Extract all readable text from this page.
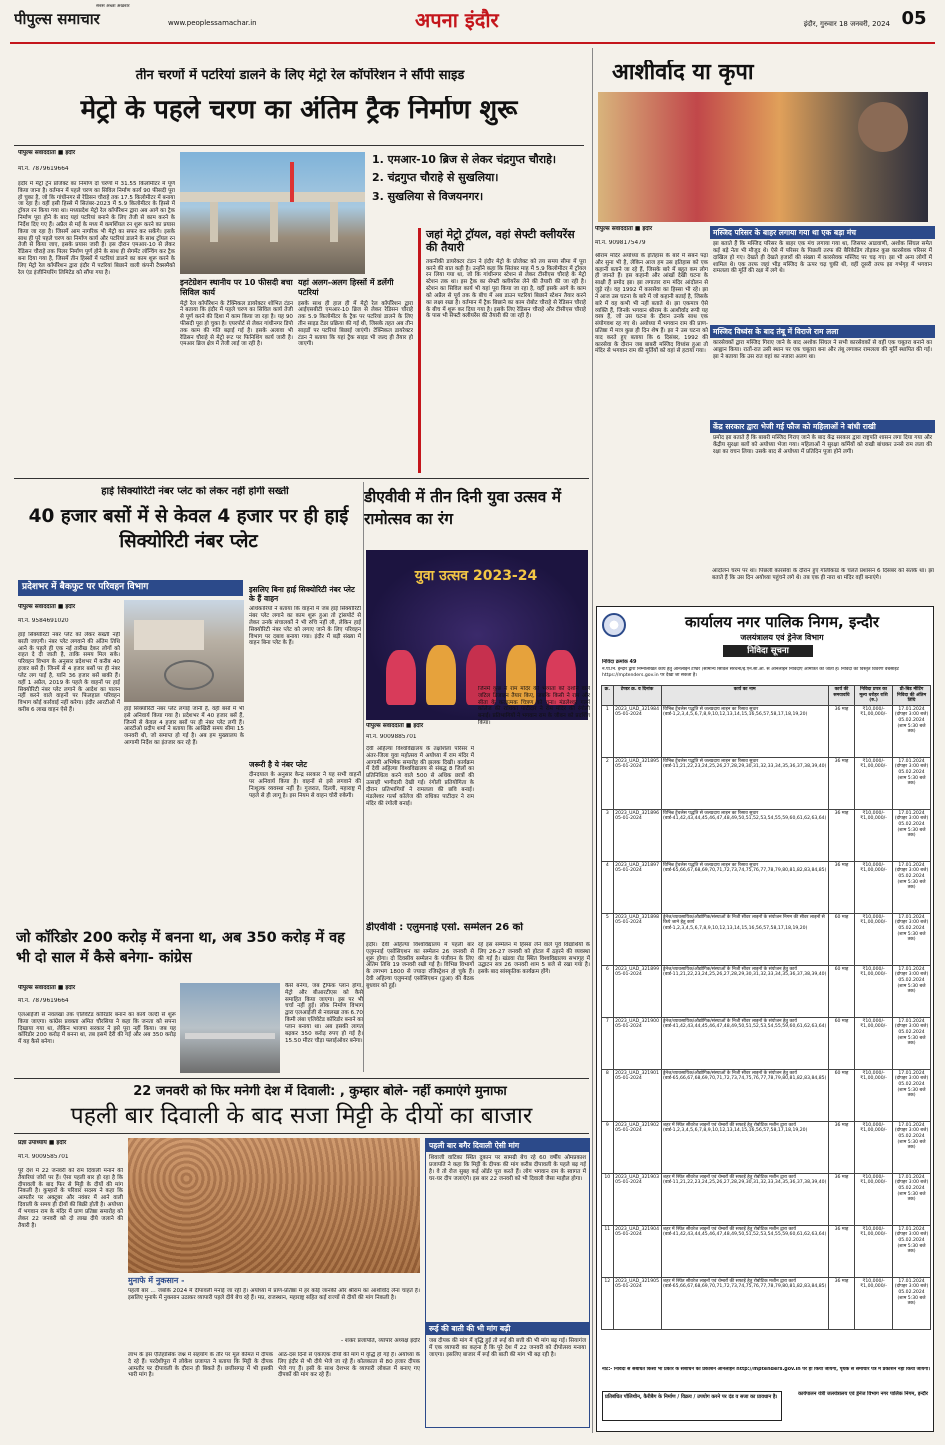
पीपुल्स समाचार
सबसे अच्छा अखबार
www.peoplessamachar.in	अपना इंदौर	इंदौर, गुरुवार 18 जनवरी, 2024 05
तीन चरणों में पटरियां डालने के लिए मेट्रो रेल कॉर्पोरेशन ने सौंपी साइड
मेट्रो के पहले चरण का अंतिम ट्रैक निर्माण शुरू
पीपुल्स संवाददाता ■ इंदौर
मो.नं. 7879619664
1. एमआर-10 ब्रिज से लेकर चंद्रगुप्त चौराहे।
2. चंद्रगुप्त चौराहे से सुखलिया।
3. सुखलिया से विजयनगर।
इंदौर में मेट्रो ट्रेन प्रोजेक्ट का निर्माण दो चरणों में 31.55 किलोमीटर में पूर्ण किया जाना है। वर्तमान में पहले चरण का सिविल निर्माण कार्य 90 फीसदी पूरा हो चुका है, जो कि गांधीनगर से रेडिसन चौराहे तक 17.5 किलोमीटर में बनाया जा रहा है। वहीं इसी हिस्से में सितंबर-2023 में 5.9 किलोमीटर के हिस्से में ट्रॉयल रन किया गया था। मध्यप्रदेश मेट्रो रेल कॉर्पोरेशन द्वारा अब आगे का ट्रैक निर्माण पूरा होने के बाद यहां पटरियां बनाने के लिए तेजी से काम करने के निर्देश दिए गए हैं। अप्रैल से मई के मध्य में कमर्शियल रन शुरू करने का प्रयास किया जा रहा है। जिसमें आम नागरिक भी मेट्रो का सफर कर सकेंगे। इसके साथ ही पूरे पहले चरण का निर्माण कार्य और पटरियां डालने के साथ ट्रॉयल रन तेजी से किया जाए, इसके प्रयास जारी हैं। इस दौरान एमआर-10 से लेकर रेडिसन चौराहे तक पिलर निर्माण पूर्ण होने के साथ ही सेगमेंट लॉन्चिंग कर ट्रैक बना दिया गया है, जिसमें तीन हिस्सों में पटरियां डालने का काम शुरू करने के लिए मेट्रो रेल कॉर्पोरेशन द्वारा इंदौर में पटरियां बिछाने वाली कंपनी टैक्समैको रेल एंड इंजीनियरिंग लिमिटेड को सौंपा गया है।
इनटेग्रेशन स्थानीय पर 10 फीसदी बचा सिविल कार्य
मेट्रो रेल कॉर्पोरेशन के टेक्निकल डायरेक्टर शोभित टंडन ने बताया कि इंदौर में पहले चरण का सिविल कार्य तेजी से पूर्ण करने की दिशा में काम किया जा रहा है। यह 90 फीसदी पूरा हो चुका है। एयरपोर्ट से लेकर गांधीनगर डिपो तक काम की गति बढ़ाई गई है। इसके अलावा भी रेडिसन चौराहे से मेट्रो रूट पर फिनिशिंग कार्य जारी है। एमआर ब्रिज क्षेत्र में तेजी लाई जा रही है।
यहां अलग-अलग हिस्सों में डलेंगी पटरियां
इसके साथ ही हाल ही में मेट्रो रेल कॉर्पोरेशन द्वारा आईएसबीटी एमआर-10 ब्रिज से लेकर रेडिसन चौराहे तक 5.9 किलोमीटर के ट्रैक पर पटरियां डालने के लिए तीन साइड टेंडर प्रक्रिया की गई थी, जिसके तहत अब तीन साइडों पर पटरियां बिछाई जाएंगी। टेक्निकल डायरेक्टर टंडन ने बताया कि यहां ट्रैक साइड भी जल्द ही तैयार हो जाएगी।
जहां मेट्रो ट्रॉयल, वहां सेफ्टी क्लीयरेंस की तैयारी
तकनीकी डायरेक्टर टंडन ने इंदौर मेट्रो के प्रोजेक्ट को तय समय सीमा में पूरा करने की बात कही है। उन्होंने कहा कि सितंबर माह में 5.9 किलोमीटर में ट्रॉयल रन लिया गया था, जो कि गांधीनगर स्टेशन से लेकर टीसीएस चौराहे के मेट्रो स्टेशन तक था। इस ट्रैक का सेफ्टी क्लीयरेंस लेने की तैयारी की जा रही है। स्टेशन का सिविल कार्य भी यहां पूरा किया जा रहा है, वहीं इसके आगे के काम को अप्रैल से पूर्व तक के बीच में अब डाउन पटरियां बिछाने स्टेशन तैयार करने का लक्ष्य रखा है। वर्तमान में ट्रैक बिछाने का काम रोबोट चौराहे से रेडिसन चौराहे के बीच में शुरू कर दिया गया है। इसके लिए रेडिसन चौराहे और टीसीएस चौराहे के पास भी सेफ्टी क्लीयरेंस की तैयारी की जा रही है।
आशीर्वाद या कृपा
पीपुल्स संवाददाता ■ इंदौर
मो.नं. 9098175479
श्रीराम मंदिर अयोध्या के इतिहास के बारे में सबने पढ़ा और सुना भी है, लेकिन आज हम उस इतिहास को एक कहानी बताने जा रहे हैं, जिसके बारे में बहुत कम लोग ही जानते हैं। इस कहानी और आंखों देखी घटना के साक्षी हैं प्रमोद झा। झा लगातार राम मंदिर आंदोलन से जुड़े रहे। वह 1992 में कारसेवा का हिस्सा भी रहे। झा ने आज उस घटना के बारे में जो कहानी बताई है, जिसके बारे में वह कभी भी नहीं बताते थे। झा एकमात्र ऐसे व्यक्ति हैं, जिनके भगवान श्रीराम के आशीर्वाद रूपी यह वस्त्र हैं, जो उस घटना के दौरान उनके साथ एक संयोगवश रह गए थे। अयोध्या में भगवान राम की प्राण-प्रतिष्ठा में मात्र कुछ ही दिन शेष हैं। झा ने उस घटना को याद करते हुए बताया कि 6 दिसंबर, 1992 की कारसेवा के दौरान जब बाबरी मस्जिद विध्वंस हुआ तो मंदिर से भगवान राम की मूर्तियों को वहां से हटाया गया।
मस्जिद परिसर के बाहर लगाया गया था एक बड़ा मंच
झा बताते हैं कि मस्जिद परिसर के बाहर एक मंच लगाया गया था, जिसपर आडवाणी, अशोक सिंघल समेत कई बड़े नेता भी मौजूद थे। ऐसे में परिसर के पिछली तरफ की बैरिकेडिंग तोड़कर कुछ कारसेवक परिसर में दाखिल हो गए। देखते ही देखते हजारों की संख्या में कारसेवक मस्जिद पर चढ़ गए। झा भी अन्य लोगों में शामिल थे। एक तरफ जहां भीड़ मस्जिद के ऊपर चढ़ चुकी थी, वहीं दूसरी तरफ झा गर्भगृह में भगवान रामलला की मूर्ति की रक्षा में लगे थे।
मस्जिद विध्वंस के बाद तंबू में विराजे राम लला
कारसेवकों द्वारा मस्जिद गिराए जाने के बाद अशोक सिंघल ने सभी कारसेवकों से वहीं एक चबूतरा बनाने का आह्वान किया। रातों-रात उसी स्थान पर एक चबूतरा बना और तंबू लगाकर रामलला की मूर्ति स्थापित की गई। झा ने बताया कि उस रात वहां का नजारा अलग था।
केंद्र सरकार द्वारा भेजी गई फौज को महिलाओं ने बांधी राखी
प्रमोद झा बताते हैं कि बाबरी मस्जिद गिराए जाने के बाद केंद्र सरकार द्वारा राष्ट्रपति शासन लगा दिया गया और केंद्रीय सुरक्षा बलों को अयोध्या भेजा गया। महिलाओं ने सुरक्षा कर्मियों को राखी बांधकर उनसे राम लला की रक्षा का वचन लिया। उसके बाद से अयोध्या में प्रतिदिन पूजा होने लगी।
आंदोलन चरम पर था। पिछली कारसेवा के दौरान हुए गोलीकांड के चलते प्रशासन 6 दिसंबर को सतर्क था। झा बताते हैं कि उस दिन अयोध्या पहुंचने लगे थे। तब एक ही नारा था मंदिर वहीं बनाएंगे।
हाई सिक्योरिटी नंबर प्लेट को लेकर नहीं होगी सख्ती
40 हजार बसों में से केवल 4 हजार पर ही हाई सिक्योरिटी नंबर प्लेट
प्रदेशभर में बैकफुट पर परिवहन विभाग
पीपुल्स संवाददाता ■ इंदौर
मो.नं. 9584691020
हाई सिक्योरिटी नंबर प्लेट को लेकर सख्ती नहीं बरती जाएगी। नंबर प्लेट लगवाने की अंतिम तिथि आने के पहले ही एक नई तारीख देकर लोगों को राहत दे दी जाती है, ताकि समय मिल सके। परिवहन विभाग के अनुसार प्रदेशभर में करीब 40 हजार बसें हैं। जिनमें से 4 हजार बसों पर ही नंबर प्लेट लग पाई है, यानि 36 हजार बसें बाकी हैं। वहीं 1 अप्रैल, 2019 के पहले के वाहनों पर हाई सिक्योरिटी नंबर प्लेट लगाने के आदेश का पालन नहीं करने वाले वाहनों पर फिलहाल परिवहन विभाग कोई कार्रवाई नहीं करेगा। इंदौर आरटीओ में करीब 6 लाख वाहन ऐसे हैं।	हाई सिक्योरिटी नंबर प्लेट लगाई जानी हैं, वहीं बसों में भी इसे अनिवार्य किया गया है। प्रदेशभर में 40 हजार बसें हैं, जिनमें से केवल 4 हजार बसों पर ही नंबर प्लेट लगी हैं। आरटीओ प्रदीप शर्मा ने बताया कि आखिरी समय सीमा 15 जनवरी थी, जो समाप्त हो गई है। अब हम मुख्यालय के आगामी निर्देश का इंतजार कर रहे हैं।
इसलिए बिना हाई सिक्योरिटी नंबर प्लेट के हैं वाहन
अधिकारियों ने बताया कि वाहनों में जब हाई सिक्योरिटी नंबर प्लेट लगाने का काम शुरू हुआ तो ट्रांसपोर्ट से लेकर उनके संचालकों ने भी रुचि नहीं ली, लेकिन हाई सिक्योरिटी नंबर प्लेट को लगाए जाने के लिए परिवहन विभाग पर दबाव बनाया गया। इंदौर में बड़ी संख्या में वाहन बिना प्लेट के हैं।
जरूरी है ये नंबर प्लेट
दीनदयाल के अनुसार केन्द्र सरकार ने यह सभी वाहनों पर अनिवार्य किया है। वाहनों से इसे लगवाने की निःशुल्क व्यवस्था नहीं है। गुजरात, दिल्ली, महाराष्ट्र में पहले से ही लागू है। इस नियम से वाहन चोरी रुकेगी।
डीएवीवी में तीन दिनी युवा उत्सव में रामोत्सव का रंग
युवा उत्सव 2023-24
पीपुल्स संवाददाता ■ इंदौर
मो.नं. 9009885701
देवी अहिल्या विश्वविद्यालय के तक्षशिला परिसर में अंतर-जिला युवा महोत्सव में अयोध्या में राम मंदिर में आगामी अभिषेक समारोह की झलक दिखी। कार्यक्रम में देवी अहिल्या विश्वविद्यालय से संबद्ध 8 जिलों का प्रतिनिधित्व करने वाले 500 से अधिक छात्रों की उत्साही भागीदारी देखी गई। रंगोली प्रतियोगिता के दौरान प्रतिभागियों ने रामलला की छवि बनाई। मंडलेश्वर गर्ल्स कॉलेज की राधिका पाटीदार ने राम मंदिर की रंगोली बनाई।
जिनमें कुछ ने राम मंदिर की भव्यता को दर्शाने वाले जटिल डिजाइन तैयार किए, जबकि किसी ने राम और सीता के कलात्मक चित्रण को चुना। मंडलेश्वर गर्ल्स कॉलेज की राधिका पाटीदार ने राम मंदिर की रंगोली बनाई। प्रतिभागियों ने भगवान राम के जीवन को प्रदर्शित किया।
डीएवीवी : एलुमनाई एसो. सम्मेलन 26 को
इंदौर। देवी अहिल्या विश्वविद्यालय में पहली बार एलुमनाई एसोसिएशन का सम्मेलन 26 जनवरी से शुरू होगा। दो दिवसीय सम्मेलन के पंजीयन के लिए अंतिम तिथि 19 जनवरी रखी गई है। विभिन्न विभागों के लगभग 1800 से ज्यादा रजिस्ट्रेशन हो चुके हैं। देवी अहिल्या एलुमनाई एसोसिएशन (डुआ) की बैठक बुधवार को हुई।
रहे इस सम्मेलन में हिस्सा लेने वाले पूर्व विद्यार्थियों के लिए 26-27 जनवरी को होटल में ठहरने की व्यवस्था की गई है। खंडवा रोड स्थित विश्वविद्यालय सभागृह में उद्घाटन सत्र 26 जनवरी शाम 5 बजे से रखा गया है। इसके बाद सांस्कृतिक कार्यक्रम होंगे।
जो कॉरिडोर 200 करोड़ में बनना था, अब 350 करोड़ में वह भी दो साल में कैसे बनेगा- कांग्रेस
पीपुल्स संवाददाता ■ इंदौर
मो.नं. 7879619664
एलआईजी से नवलखा तक एलिवेटेड कॉरिडोर बनाने का कार्य जल्दी से शुरू किया जाएगा। कांग्रेस प्रवक्ता अमित चौरसिया ने कहा कि जनता को सपना दिखाया गया था, लेकिन भाजपा सरकार ने इसे पूरा नहीं किया। जब यह कॉरिडोर 200 करोड़ में बनना था, तब इसमें देरी की गई और अब 350 करोड़ में यह कैसे बनेगा।
कैसे बनेगा, जब ट्रैफिक प्लान होगा, मेट्रो और बीआरटीएस को कैसे समाहित किया जाएगा। इस पर भी चर्चा नहीं हुई। लोक निर्माण विभाग द्वारा एलआईजी से नवलखा तक 6.70 किमी लंबा एलिवेटेड कॉरिडोर बनाने का प्लान बनाया था। अब इसकी लागत बढ़कर 350 करोड़ रुपए हो गई है। 15.50 मीटर चौड़ा फ्लाईओवर बनेगा।
22 जनवरी को फिर मनेगी देश में दिवाली: , कुम्हार बोले- नहीं कमाएंगे मुनाफा
पहली बार दिवाली के बाद सजा मिट्टी के दीयों का बाजार
प्रज्ञा उपाध्याय ■ इंदौर
मो.नं. 9009585701
पूरे देश में 22 जनवरी को राम दिवाली मनाने की तैयारियां जोरों पर हैं। ऐसा पहली बार हो रहा है कि दीपावली के बाद फिर से मिट्टी के दीयों की मांग निकली है। कुम्हारों के परिवार सदस्य ने कहा कि आमतौर पर अक्टूबर और नवंबर में आने वाली दिवाली के समय ही दीयों की बिक्री होती है। अयोध्या में भगवान राम के मंदिर में प्राण प्रतिष्ठा समारोह को लेकर 22 जनवरी को दो लाख दीये जलाने की तैयारी है।
मुनाफे में नुकसान -
पहली बार ... जबकि 2024 में दीपावली मनाई जा रही है। अयोध्या में प्राण-प्रतिष्ठा में हर कोई जानकी और श्रीराम का आशीर्वाद लेना चाहते हैं। इसलिए मुनाफे में नुकसान उठाकर व्यापारी पहले दीये बेच रहे हैं। मप्र, राजस्थान, महाराष्ट्र सहित कई राज्यों से दीयों की मांग निकली है।
- शंकर प्रजापति, व्यापार अध्यक्ष इंदौर
लाभ के इस ऐतिहासिक जश्न में सहयोग के तौर पर मूल कीमत में दीपक दे रहे हैं। परदेशीपुरा में लोकेश प्रजापत ने बताया कि मिट्टी के दीपक आमतौर पर दीपावली के दौरान ही बिकते हैं। छत्तीसगढ़ में भी इसकी भारी मांग है।
आठ-दस दिनों से एकाएक दीयों की मांग में वृद्धि हो गई है। अयोध्या के लिए इंदौर से भी दीये भेजे जा रहे हैं। कोलकाता से 80 हजार दीपक भेजे गए हैं। इसी के साथ देशभर के व्यापारी लोकल में बनाए गए दीपकों की मांग कर रहे हैं।
पहली बार बगैर दिवाली ऐसी मांग
शिवाजी वाटिका स्थित दुकान पर सामग्री बेच रहे 60 वर्षीय ओमप्रकाश प्रजापति ने कहा कि मिट्टी के दीपक की मांग करीब दीपावली के पहले बढ़ गई है। वे तो रोज सुबह कई ऑर्डर पूरा करते हैं। लोग भगवान राम के स्वागत में घर-घर दीप जलाएंगे। इस बार 22 जनवरी को भी दिवाली जैसा माहौल होगा।
रूई की बाती की भी मांग बढ़ी
जब दीपक की मांग में वृद्धि हुई तो रूई की बत्ती की भी मांग बढ़ गई। सियागंज में एक व्यापारी का कहना है कि पूरे देश में 22 जनवरी को दीपोत्सव मनाया जाएगा। इसलिए बाजार में रूई की बाती की मांग भी बढ़ रही है।
कार्यालय नगर पालिक निगम, इन्दौर
जलयंत्रालय एवं ड्रेनेज विभाग
निविदा सूचना
निविदा क्रमांक 49
न.पा.नि. इन्दौर द्वारा निम्नलिखित कार्य हेतु ऑनलाइन टेण्डर (सामान्य सिविल संरचना/ई.एन.सी.ओ. से ऑनलाइन निविदाएं आमंत्रित की जाती हैं। निविदा का विस्तृत विवरण वेबसाइट https://mptenders.gov.in पर देखा जा सकता है।
क्र.	टेण्डर क्र. व दिनांक	कार्य का नाम	कार्य की समयावधि	निविदा प्रपत्र का मूल्य धरोहर राशि (रु.)	प्री-बिड मीटिंग निविदा की अंतिम तिथि
1	2023_UAD_321984 05-01-2024	विभिन्न ट्रेंचलेस पद्धति से जलप्रदाय लाइन का रिसाव सुधार (वार्ड-1,2,3,4,5,6,7,8,9,10,12,13,14,15,16,56,57,58,17,18,19,20)	36 माह	₹10,000/- ₹1,00,000/-	17.01.2024 (दोपहर 3:00 बजे) 05.02.2024 (शाम 5:30 बजे तक)
2	2023_UAD_321895 05-01-2024	विभिन्न ट्रेंचलेस पद्धति से जलप्रदाय लाइन का रिसाव सुधार (वार्ड-11,21,22,23,24,25,26,27,28,29,30,31,32,33,34,35,36,37,38,39,40)	36 माह	₹10,000/- ₹1,00,000/-	17.01.2024 (दोपहर 3:00 बजे) 05.02.2024 (शाम 5:30 बजे तक)
3	2023_UAD_321896 05-01-2024	विभिन्न ट्रेंचलेस पद्धति से जलप्रदाय लाइन का रिसाव सुधार (वार्ड-41,42,43,44,45,46,47,48,49,50,51,52,53,54,55,59,60,61,62,63,64)	36 माह	₹10,000/- ₹1,00,000/-	17.01.2024 (दोपहर 3:00 बजे) 05.02.2024 (शाम 5:30 बजे तक)
4	2023_UAD_321897 05-01-2024	विभिन्न ट्रेंचलेस पद्धति से जलप्रदाय लाइन का रिसाव सुधार (वार्ड-65,66,67,68,69,70,71,72,73,74,75,76,77,78,79,80,81,82,83,84,85)	36 माह	₹10,000/- ₹1,00,000/-	17.01.2024 (दोपहर 3:00 बजे) 05.02.2024 (शाम 5:30 बजे तक)
5	2023_UAD_321898 05-01-2024	ड्रेनेज/व्यावसायिक/औद्योगिक/संस्थाओं के निजी सीवर लाइनों के संयोजन निगम की सीवर लाइनों से किये जाने हेतु कार्य (वार्ड-1,2,3,4,5,6,7,8,9,10,12,13,14,15,16,56,57,58,17,18,19,20)	60 माह	₹10,000/- ₹1,00,000/-	17.01.2024 (दोपहर 3:00 बजे) 05.02.2024 (शाम 5:30 बजे तक)
6	2023_UAD_321899 05-01-2024	ड्रेनेज/व्यावसायिक/औद्योगिक/संस्थाओं के निजी सीवर लाइनों के संयोजन हेतु कार्य (वार्ड-11,21,22,23,24,25,26,27,28,29,30,31,32,33,34,35,36,37,38,39,40)	60 माह	₹10,000/- ₹1,00,000/-	17.01.2024 (दोपहर 3:00 बजे) 05.02.2024 (शाम 5:30 बजे तक)
7	2023_UAD_321900 05-01-2024	ड्रेनेज/व्यावसायिक/औद्योगिक/संस्थाओं के निजी सीवर लाइनों के संयोजन हेतु कार्य (वार्ड-41,42,43,44,45,46,47,48,49,50,51,52,53,54,55,59,60,61,62,63,64)	60 माह	₹10,000/- ₹1,00,000/-	17.01.2024 (दोपहर 3:00 बजे) 05.02.2024 (शाम 5:30 बजे तक)
8	2023_UAD_321901 05-01-2024	ड्रेनेज/व्यावसायिक/औद्योगिक/संस्थाओं के निजी सीवर लाइनों के संयोजन हेतु कार्य (वार्ड-65,66,67,68,69,70,71,72,73,74,75,76,77,78,79,80,81,82,83,84,85)	60 माह	₹10,000/- ₹1,00,000/-	17.01.2024 (दोपहर 3:00 बजे) 05.02.2024 (शाम 5:30 बजे तक)
9	2023_UAD_321902 05-01-2024	शहर में स्थित सीवरेज लाइनों एवं चेम्बरों की सफाई हेतु रोबोटिक मशीन द्वारा कार्य (वार्ड-1,2,3,4,5,6,7,8,9,10,12,13,14,15,16,56,57,58,17,18,19,20)	36 माह	₹10,000/- ₹1,00,000/-	17.01.2024 (दोपहर 3:00 बजे) 05.02.2024 (शाम 5:30 बजे तक)
10	2023_UAD_321903 05-01-2024	शहर में स्थित सीवरेज लाइनों एवं चेम्बरों की सफाई हेतु रोबोटिक मशीन द्वारा कार्य (वार्ड-11,21,22,23,24,25,26,27,28,29,30,31,32,33,34,35,36,37,38,39,40)	36 माह	₹10,000/- ₹1,00,000/-	17.01.2024 (दोपहर 3:00 बजे) 05.02.2024 (शाम 5:30 बजे तक)
11	2023_UAD_321904 05-01-2024	शहर में स्थित सीवरेज लाइनों एवं चेम्बरों की सफाई हेतु रोबोटिक मशीन द्वारा कार्य (वार्ड-41,42,43,44,45,46,47,48,49,50,51,52,53,54,55,59,60,61,62,63,64)	36 माह	₹10,000/- ₹1,00,000/-	17.01.2024 (दोपहर 3:00 बजे) 05.02.2024 (शाम 5:30 बजे तक)
12	2023_UAD_321905 05-01-2024	शहर में स्थित सीवरेज लाइनों एवं चेम्बरों की सफाई हेतु रोबोटिक मशीन द्वारा कार्य (वार्ड-65,66,67,68,69,70,71,72,73,74,75,76,77,78,79,80,81,82,83,84,85)	36 माह	₹10,000/- ₹1,00,000/-	17.01.2024 (दोपहर 3:00 बजे) 05.02.2024 (शाम 5:30 बजे तक)
नोट:- निविदा से संबंधित किसी भी प्रकार के संशोधन का प्रकाशन ऑनलाइन http://mptenders.gov.in पर ही किया जायेगा, पृथक से समाचार पत्र में प्रकाशन नहीं किया जायेगा।
प्रतिबंधित पॉलिथीन, कैरीबैग के निर्माण / विक्रय / उपयोग करने पर दंड व सजा का प्रावधान है।	कार्यपालन यंत्री जलयंत्रालय एवं ड्रेनेज विभाग नगर पालिक निगम, इन्दौर
